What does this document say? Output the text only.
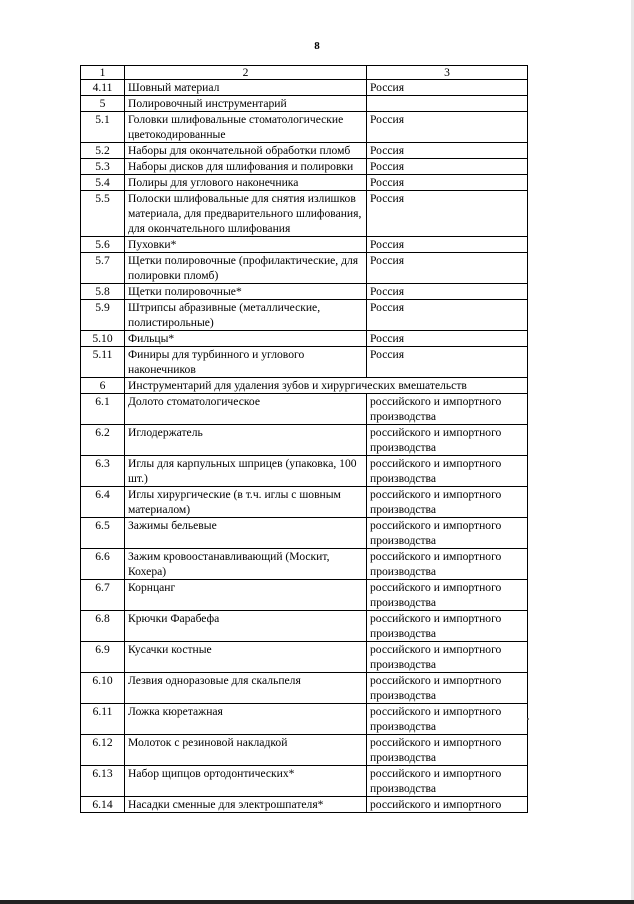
8
1	2	3
4.11	Шовный материал	Россия
5	Полировочный инструментарий	
5.1	Головки шлифовальные стоматологические цветокодированные	Россия
5.2	Наборы для окончательной обработки пломб	Россия
5.3	Наборы дисков для шлифования и полировки	Россия
5.4	Полиры для углового наконечника	Россия
5.5	Полоски шлифовальные для снятия излишков материала, для предварительного шлифования, для окончательного шлифования	Россия
5.6	Пуховки*	Россия
5.7	Щетки полировочные (профилактические, для полировки пломб)	Россия
5.8	Щетки полировочные*	Россия
5.9	Штрипсы абразивные (металлические, полистирольные)	Россия
5.10	Фильцы*	Россия
5.11	Финиры для турбинного и углового наконечников	Россия
6	Инструментарий для удаления зубов и хирургических вмешательств	
6.1	Долото стоматологическое	российского и импортного производства
6.2	Иглодержатель	российского и импортного производства
6.3	Иглы для карпульных шприцев (упаковка, 100 шт.)	российского и импортного производства
6.4	Иглы хирургические (в т.ч. иглы с шовным материалом)	российского и импортного производства
6.5	Зажимы бельевые	российского и импортного производства
6.6	Зажим кровоостанавливающий (Москит, Кохера)	российского и импортного производства
6.7	Корнцанг	российского и импортного производства
6.8	Крючки Фарабефа	российского и импортного производства
6.9	Кусачки костные	российского и импортного производства
6.10	Лезвия одноразовые для скальпеля	российского и импортного производства
6.11	Ложка кюретажная	российского и импортного производства
6.12	Молоток с резиновой накладкой	российского и импортного производства
6.13	Набор щипцов ортодонтических*	российского и импортного производства
6.14	Насадки сменные для электрошпателя*	российского и импортного
